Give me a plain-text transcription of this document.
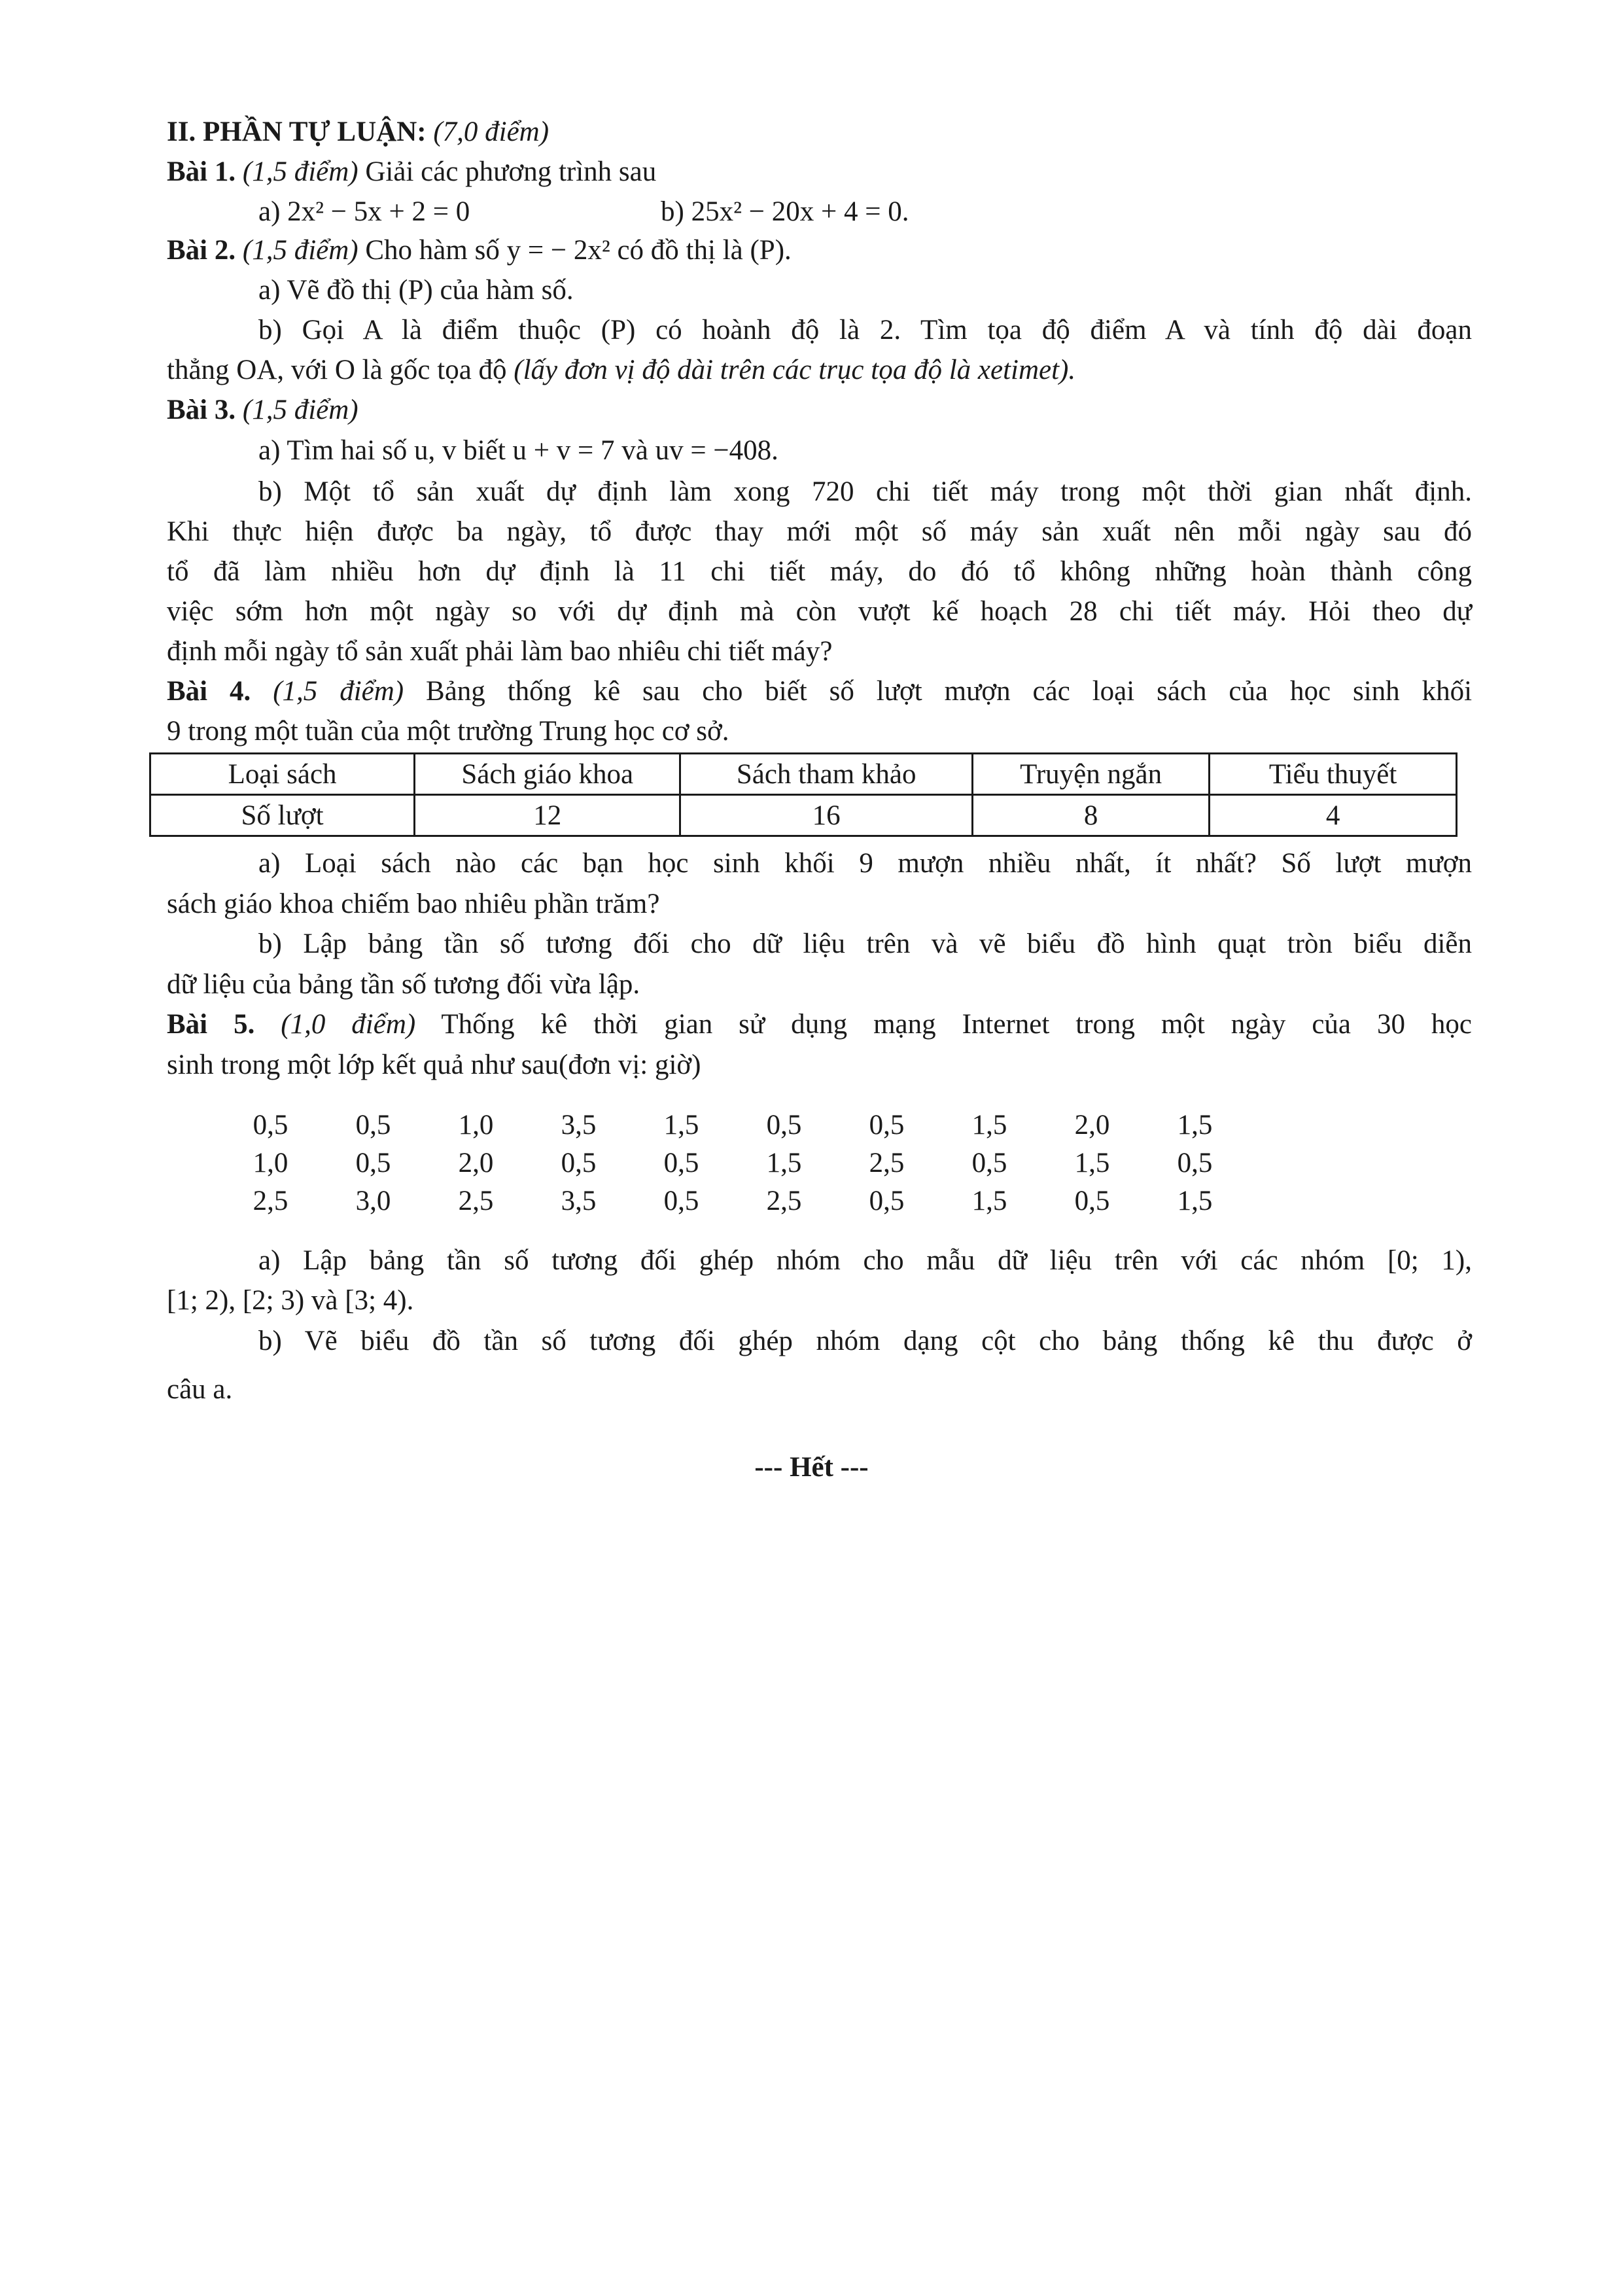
II. PHẦN TỰ LUẬN: (7,0 điểm)
Bài 1. (1,5 điểm) Giải các phương trình sau
a) 2x² − 5x + 2 = 0	b) 25x² − 20x + 4 = 0.
Bài 2. (1,5 điểm) Cho hàm số y = − 2x² có đồ thị là (P).
a) Vẽ đồ thị (P) của hàm số.
b) Gọi A là điểm thuộc (P) có hoành độ là 2. Tìm tọa độ điểm A và tính độ dài đoạn
thẳng OA, với O là gốc tọa độ (lấy đơn vị độ dài trên các trục tọa độ là xetimet).
Bài 3. (1,5 điểm)
a) Tìm hai số u, v biết u + v = 7 và uv = −408.
b) Một tổ sản xuất dự định làm xong 720 chi tiết máy trong một thời gian nhất định.
Khi thực hiện được ba ngày, tổ được thay mới một số máy sản xuất nên mỗi ngày sau đó
tổ đã làm nhiều hơn dự định là 11 chi tiết máy, do đó tổ không những hoàn thành công
việc sớm hơn một ngày so với dự định mà còn vượt kế hoạch 28 chi tiết máy. Hỏi theo dự
định mỗi ngày tổ sản xuất phải làm bao nhiêu chi tiết máy?
Bài 4. (1,5 điểm) Bảng thống kê sau cho biết số lượt mượn các loại sách của học sinh khối
9 trong một tuần của một trường Trung học cơ sở.
Loại sách	Sách giáo khoa	Sách tham khảo	Truyện ngắn	Tiểu thuyết
Số lượt	12	16	8	4
a) Loại sách nào các bạn học sinh khối 9 mượn nhiều nhất, ít nhất? Số lượt mượn
sách giáo khoa chiếm bao nhiêu phần trăm?
b) Lập bảng tần số tương đối cho dữ liệu trên và vẽ biểu đồ hình quạt tròn biểu diễn
dữ liệu của bảng tần số tương đối vừa lập.
Bài 5. (1,0 điểm) Thống kê thời gian sử dụng mạng Internet trong một ngày của 30 học
sinh trong một lớp kết quả như sau(đơn vị: giờ)
0,5	0,5	1,0	3,5	1,5	0,5	0,5	1,5	2,0	1,5
1,0	0,5	2,0	0,5	0,5	1,5	2,5	0,5	1,5	0,5
2,5	3,0	2,5	3,5	0,5	2,5	0,5	1,5	0,5	1,5
a) Lập bảng tần số tương đối ghép nhóm cho mẫu dữ liệu trên với các nhóm [0; 1),
[1; 2), [2; 3) và [3; 4).
b) Vẽ biểu đồ tần số tương đối ghép nhóm dạng cột cho bảng thống kê thu được ở
câu a.
--- Hết ---
